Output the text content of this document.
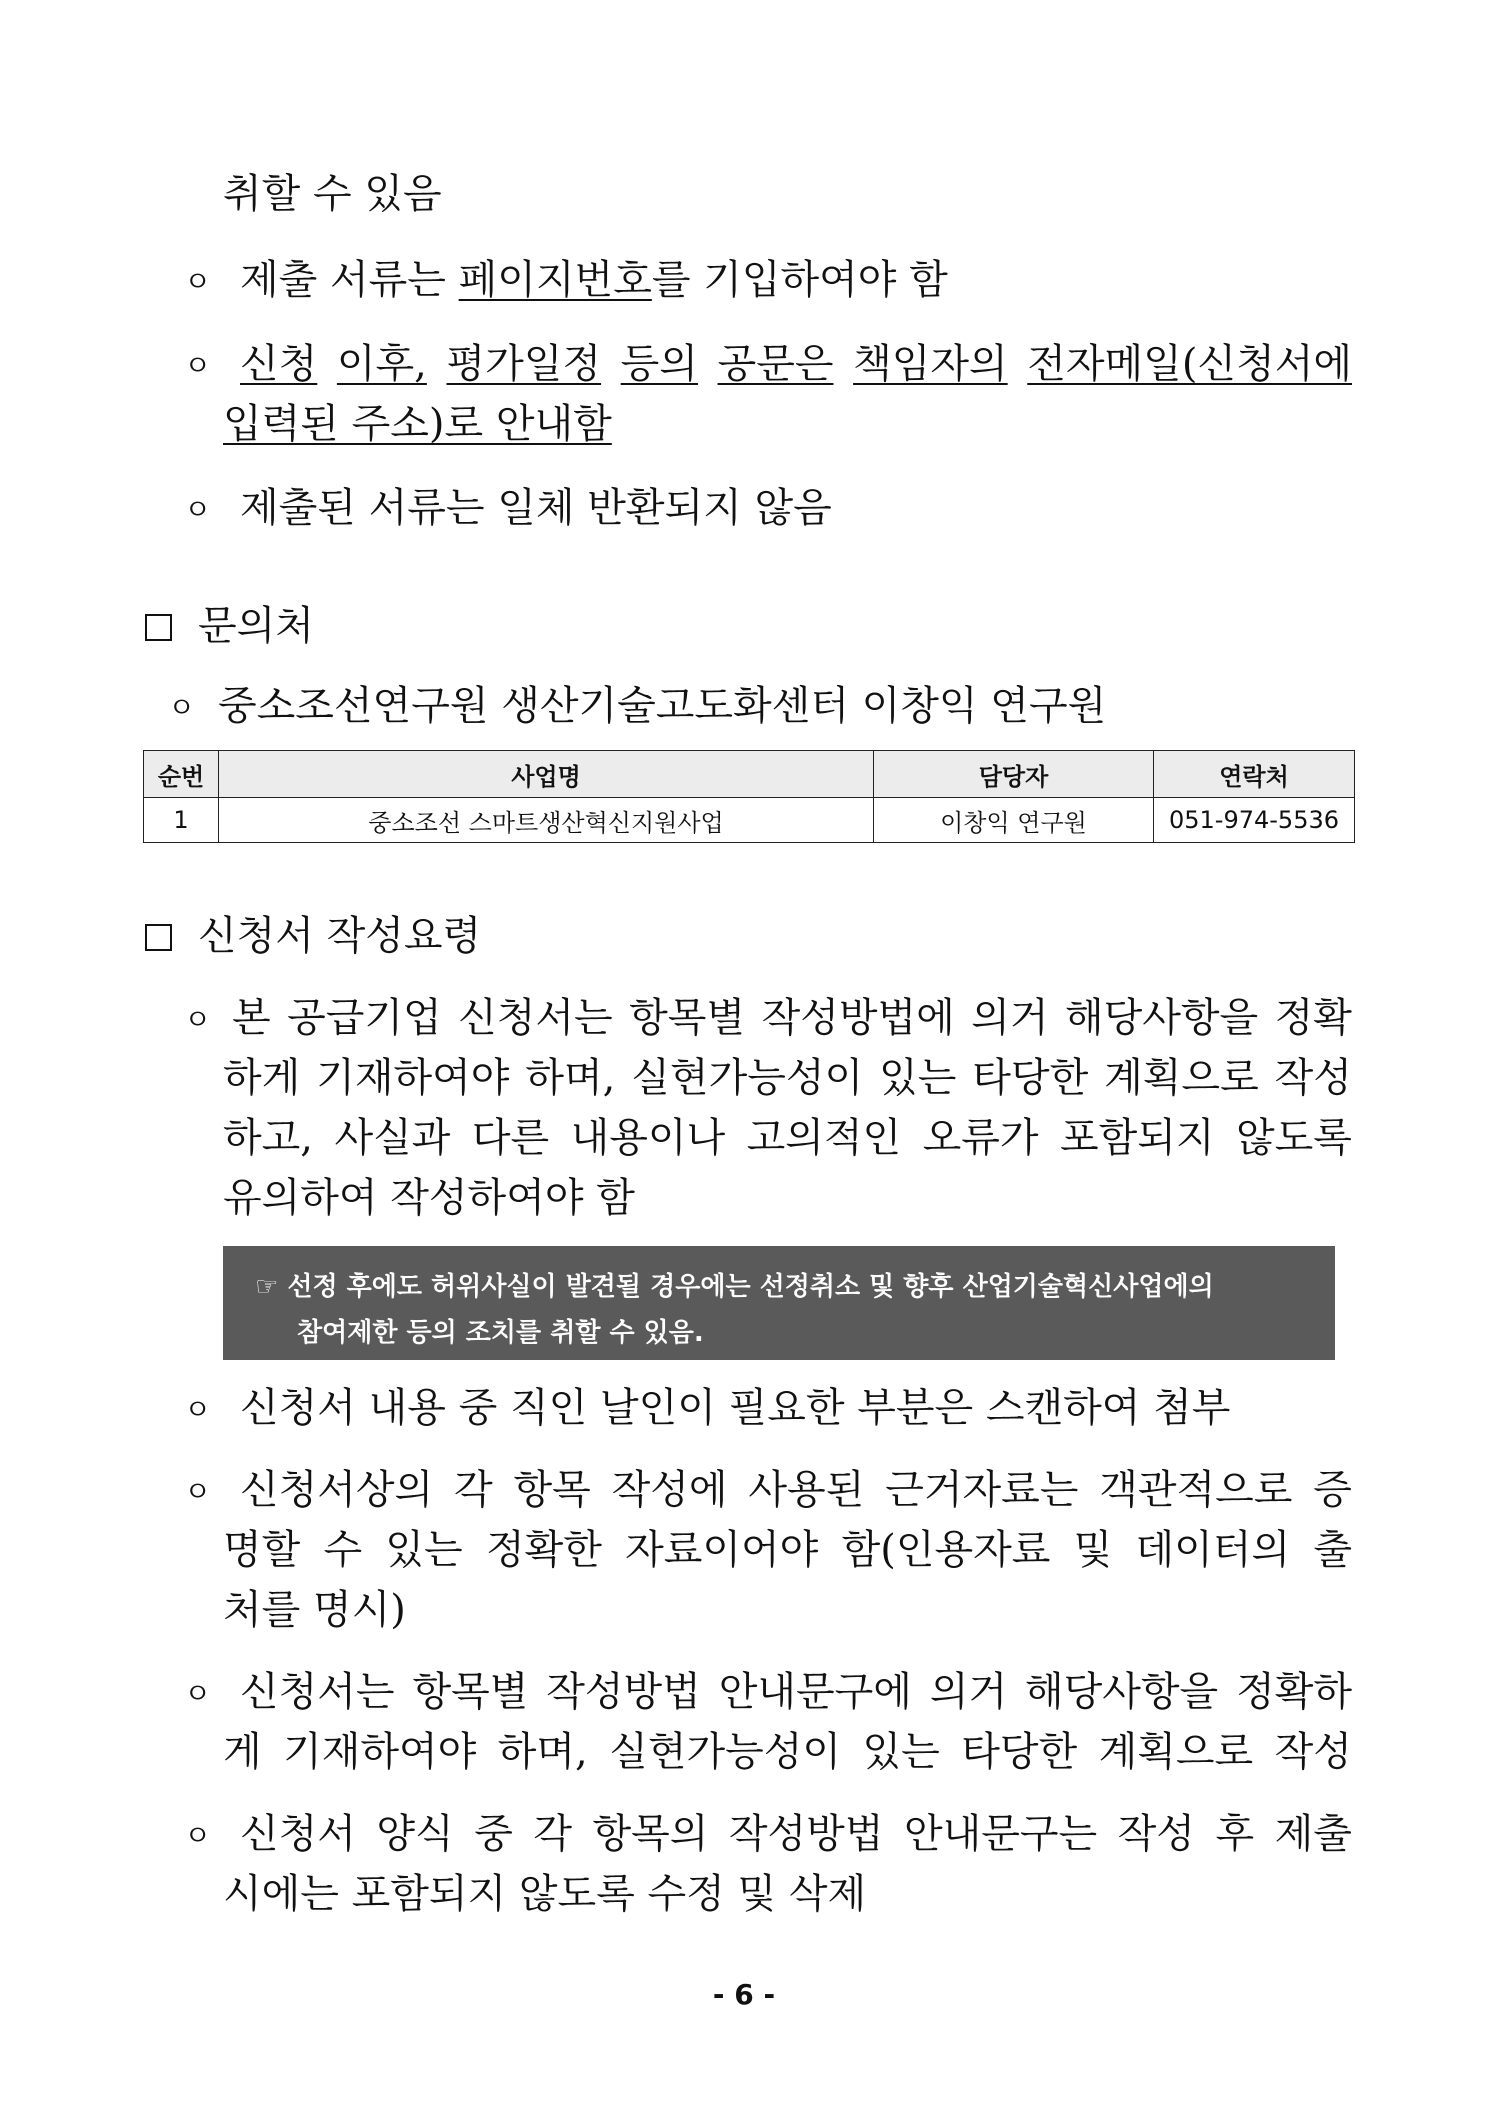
취할 수 있음
ㅇ 제출 서류는 페이지번호를 기입하여야 함
ㅇ 신청 이후, 평가일정 등의 공문은 책임자의 전자메일(신청서에
입력된 주소)로 안내함
ㅇ 제출된 서류는 일체 반환되지 않음
문의처
ㅇ 중소조선연구원 생산기술고도화센터 이창익 연구원
순번	사업명	담당자	연락처
1	중소조선 스마트생산혁신지원사업	이창익 연구원	051-974-5536
신청서 작성요령
ㅇ 본 공급기업 신청서는 항목별 작성방법에 의거 해당사항을 정확
하게 기재하여야 하며, 실현가능성이 있는 타당한 계획으로 작성
하고, 사실과 다른 내용이나 고의적인 오류가 포함되지 않도록
유의하여 작성하여야 함
☞ 선정 후에도 허위사실이 발견될 경우에는 선정취소 및 향후 산업기술혁신사업에의
참여제한 등의 조치를 취할 수 있음.
ㅇ 신청서 내용 중 직인 날인이 필요한 부분은 스캔하여 첨부
ㅇ 신청서상의 각 항목 작성에 사용된 근거자료는 객관적으로 증
명할 수 있는 정확한 자료이어야 함(인용자료 및 데이터의 출
처를 명시)
ㅇ 신청서는 항목별 작성방법 안내문구에 의거 해당사항을 정확하
게 기재하여야 하며, 실현가능성이 있는 타당한 계획으로 작성
ㅇ 신청서 양식 중 각 항목의 작성방법 안내문구는 작성 후 제출
시에는 포함되지 않도록 수정 및 삭제
- 6 -
